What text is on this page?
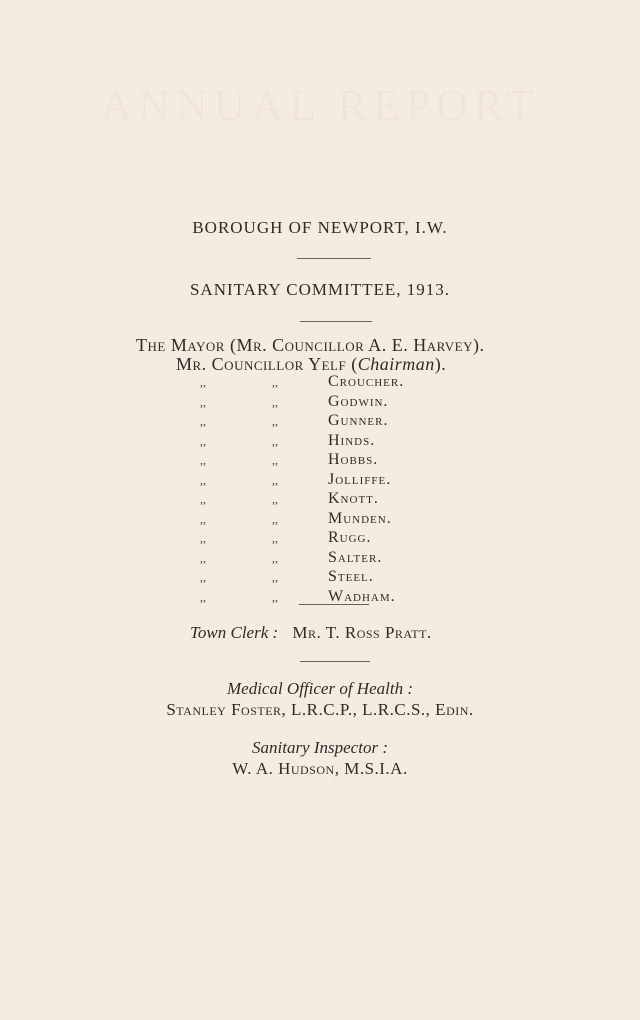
ANNUAL REPORT
BOROUGH OF NEWPORT, I.W.
SANITARY COMMITTEE, 1913.
The Mayor (Mr. Councillor A. E. Harvey).
Mr. Councillor Yelf (Chairman).
,,	,,	Croucher.
,,	,,	Godwin.
,,	,,	Gunner.
,,	,,	Hinds.
,,	,,	Hobbs.
,,	,,	Jolliffe.
,,	,,	Knott.
,,	,,	Munden.
,,	,,	Rugg.
,,	,,	Salter.
,,	,,	Steel.
,,	,,	Wadham.
Town Clerk : Mr. T. Ross Pratt.
Medical Officer of Health :
Stanley Foster, L.R.C.P., L.R.C.S., Edin.
Sanitary Inspector :
W. A. Hudson, M.S.I.A.
